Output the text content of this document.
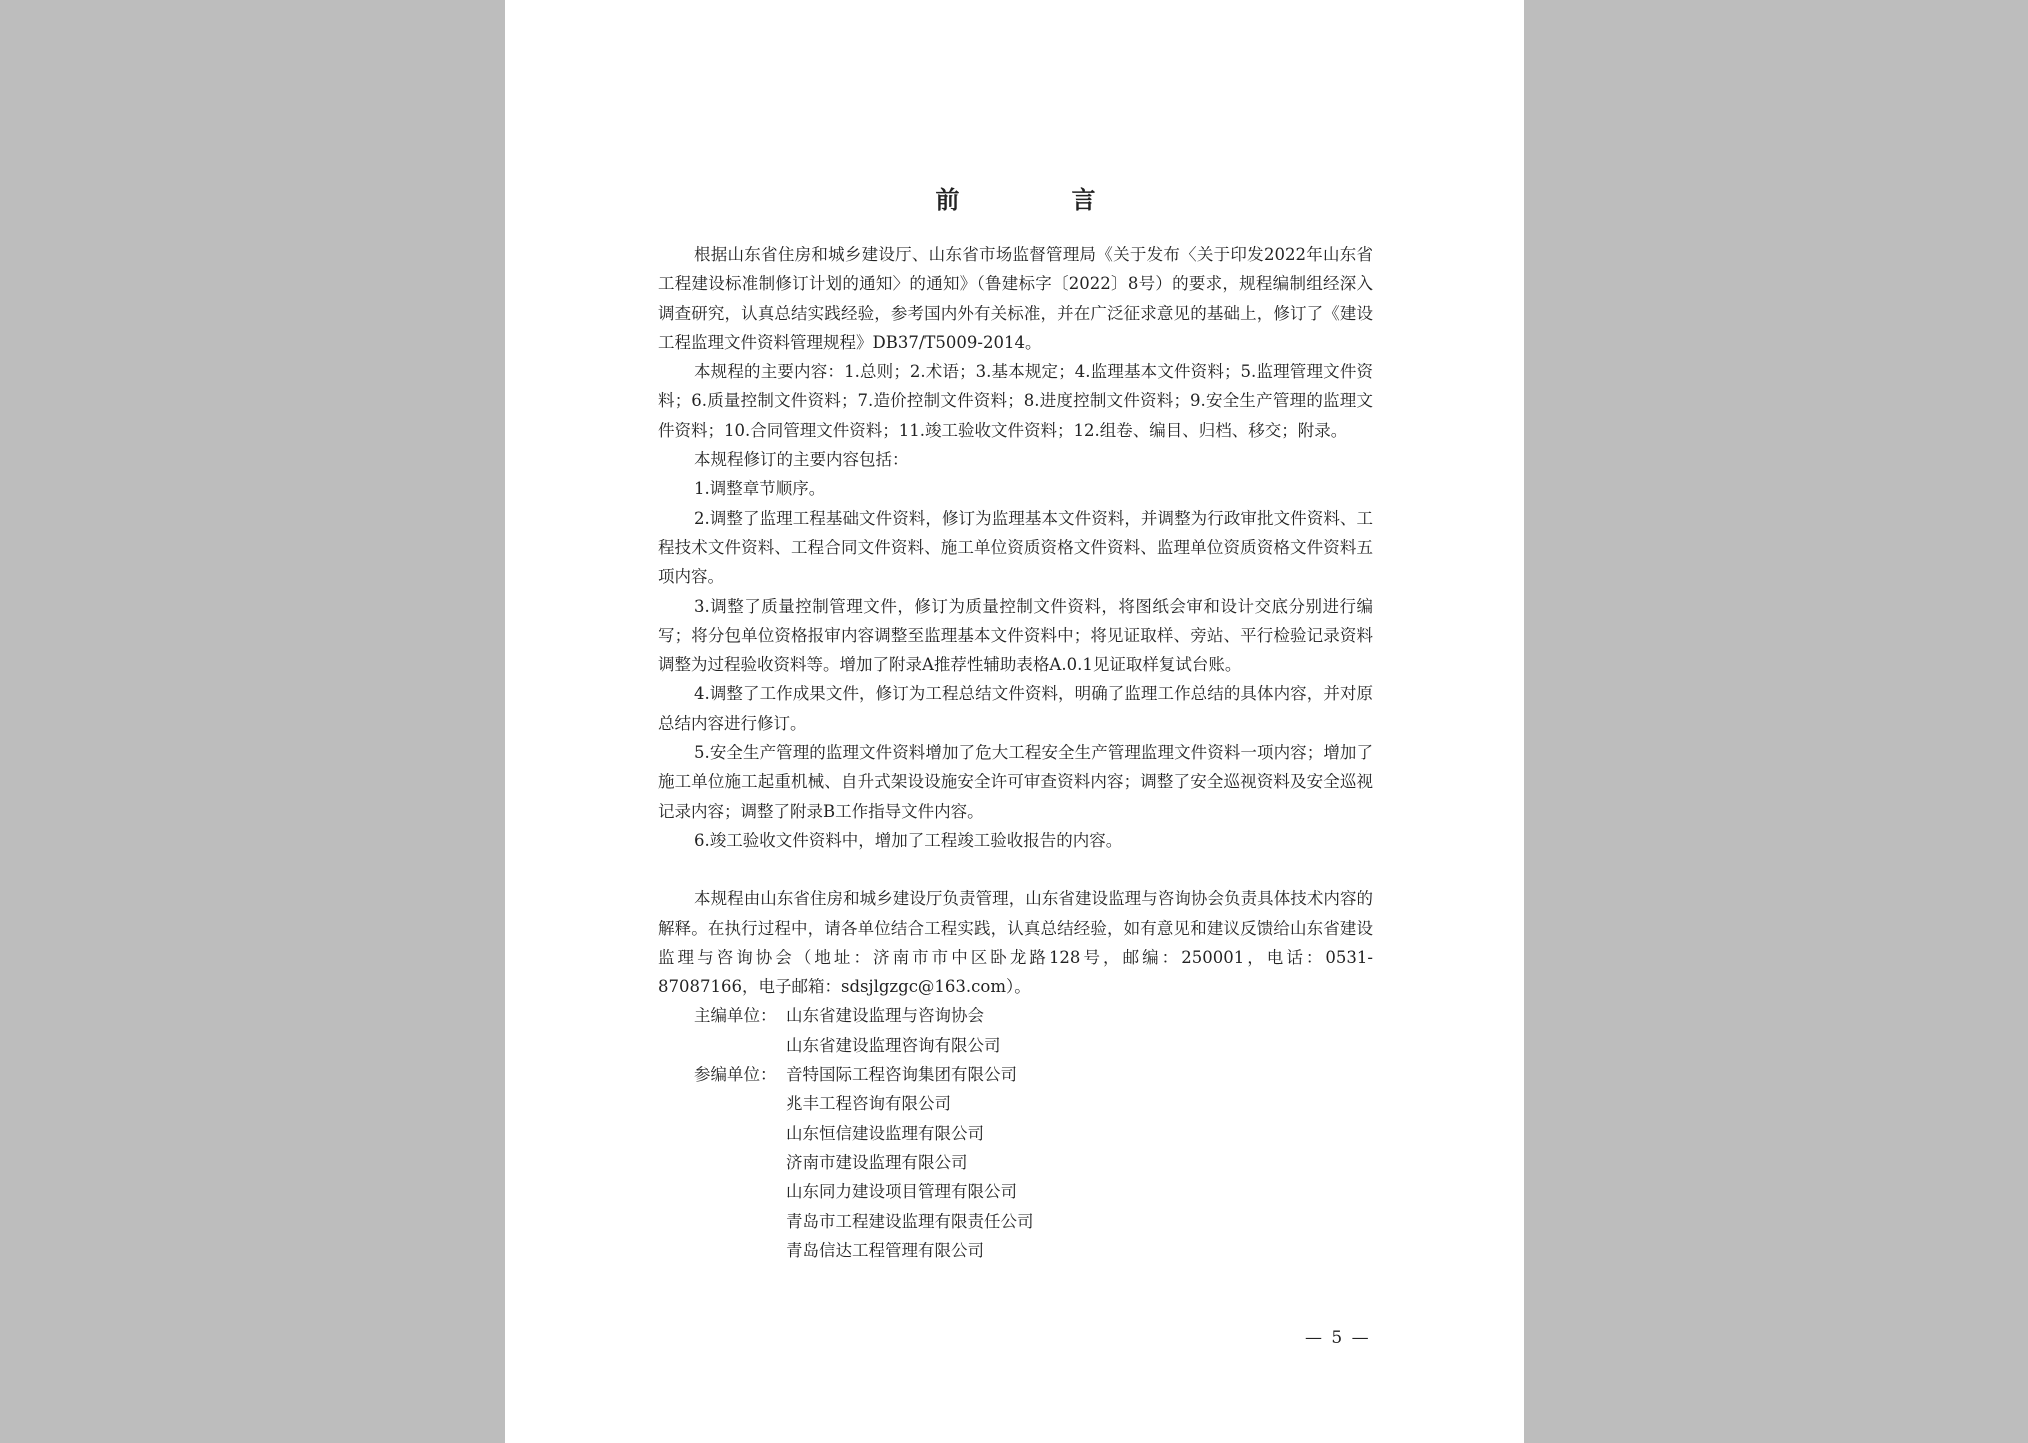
前　言

根据山东省住房和城乡建设厅、山东省市场监督管理局《关于发布〈关于印发2022年山东省工程建设标准制修订计划的通知〉的通知》（鲁建标字〔2022〕8号）的要求，规程编制组经深入调查研究，认真总结实践经验，参考国内外有关标准，并在广泛征求意见的基础上，修订了《建设工程监理文件资料管理规程》DB37/T5009-2014。

本规程的主要内容：1.总则；2.术语；3.基本规定；4.监理基本文件资料；5.监理管理文件资料；6.质量控制文件资料；7.造价控制文件资料；8.进度控制文件资料；9.安全生产管理的监理文件资料；10.合同管理文件资料；11.竣工验收文件资料；12.组卷、编目、归档、移交；附录。

本规程修订的主要内容包括：

1.调整章节顺序。

2.调整了监理工程基础文件资料，修订为监理基本文件资料，并调整为行政审批文件资料、工程技术文件资料、工程合同文件资料、施工单位资质资格文件资料、监理单位资质资格文件资料五项内容。

3.调整了质量控制管理文件，修订为质量控制文件资料，将图纸会审和设计交底分别进行编写；将分包单位资格报审内容调整至监理基本文件资料中；将见证取样、旁站、平行检验记录资料调整为过程验收资料等。增加了附录A推荐性辅助表格A.0.1见证取样复试台账。

4.调整了工作成果文件，修订为工程总结文件资料，明确了监理工作总结的具体内容，并对原总结内容进行修订。

5.安全生产管理的监理文件资料增加了危大工程安全生产管理监理文件资料一项内容；增加了施工单位施工起重机械、自升式架设设施安全许可审查资料内容；调整了安全巡视资料及安全巡视记录内容；调整了附录B工作指导文件内容。

6.竣工验收文件资料中，增加了工程竣工验收报告的内容。

本规程由山东省住房和城乡建设厅负责管理，山东省建设监理与咨询协会负责具体技术内容的解释。在执行过程中，请各单位结合工程实践，认真总结经验，如有意见和建议反馈给山东省建设监理与咨询协会（地址：济南市市中区卧龙路128号，邮编：250001，电话：0531-87087166，电子邮箱：sdsjlgzgc@163.com）。

主编单位： 山东省建设监理与咨询协会
山东省建设监理咨询有限公司
参编单位： 音特国际工程咨询集团有限公司
兆丰工程咨询有限公司
山东恒信建设监理有限公司
济南市建设监理有限公司
山东同力建设项目管理有限公司
青岛市工程建设监理有限责任公司
青岛信达工程管理有限公司
— 5 —
